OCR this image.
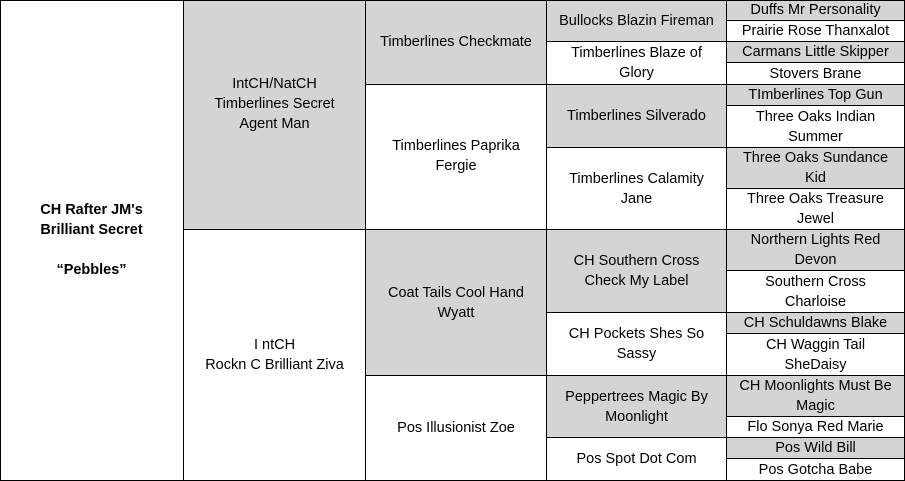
CH Rafter JM's
Brilliant Secret
“Pebbles”
IntCH/NatCH
Timberlines Secret
Agent Man
I ntCH
Rockn C Brilliant Ziva
Timberlines Checkmate
Timberlines Paprika
Fergie
Coat Tails Cool Hand
Wyatt
Pos Illusionist Zoe
Bullocks Blazin Fireman
Timberlines Blaze of
Glory
Timberlines Silverado
Timberlines Calamity
Jane
CH Southern Cross
Check My Label
CH Pockets Shes So
Sassy
Peppertrees Magic By
Moonlight
Pos Spot Dot Com
Duffs Mr Personality
Prairie Rose Thanxalot
Carmans Little Skipper
Stovers Brane
TImberlines Top Gun
Three Oaks Indian
Summer
Three Oaks Sundance
Kid
Three Oaks Treasure
Jewel
Northern Lights Red
Devon
Southern Cross
Charloise
CH Schuldawns Blake
CH Waggin Tail
SheDaisy
CH Moonlights Must Be
Magic
Flo Sonya Red Marie
Pos Wild Bill
Pos Gotcha Babe
